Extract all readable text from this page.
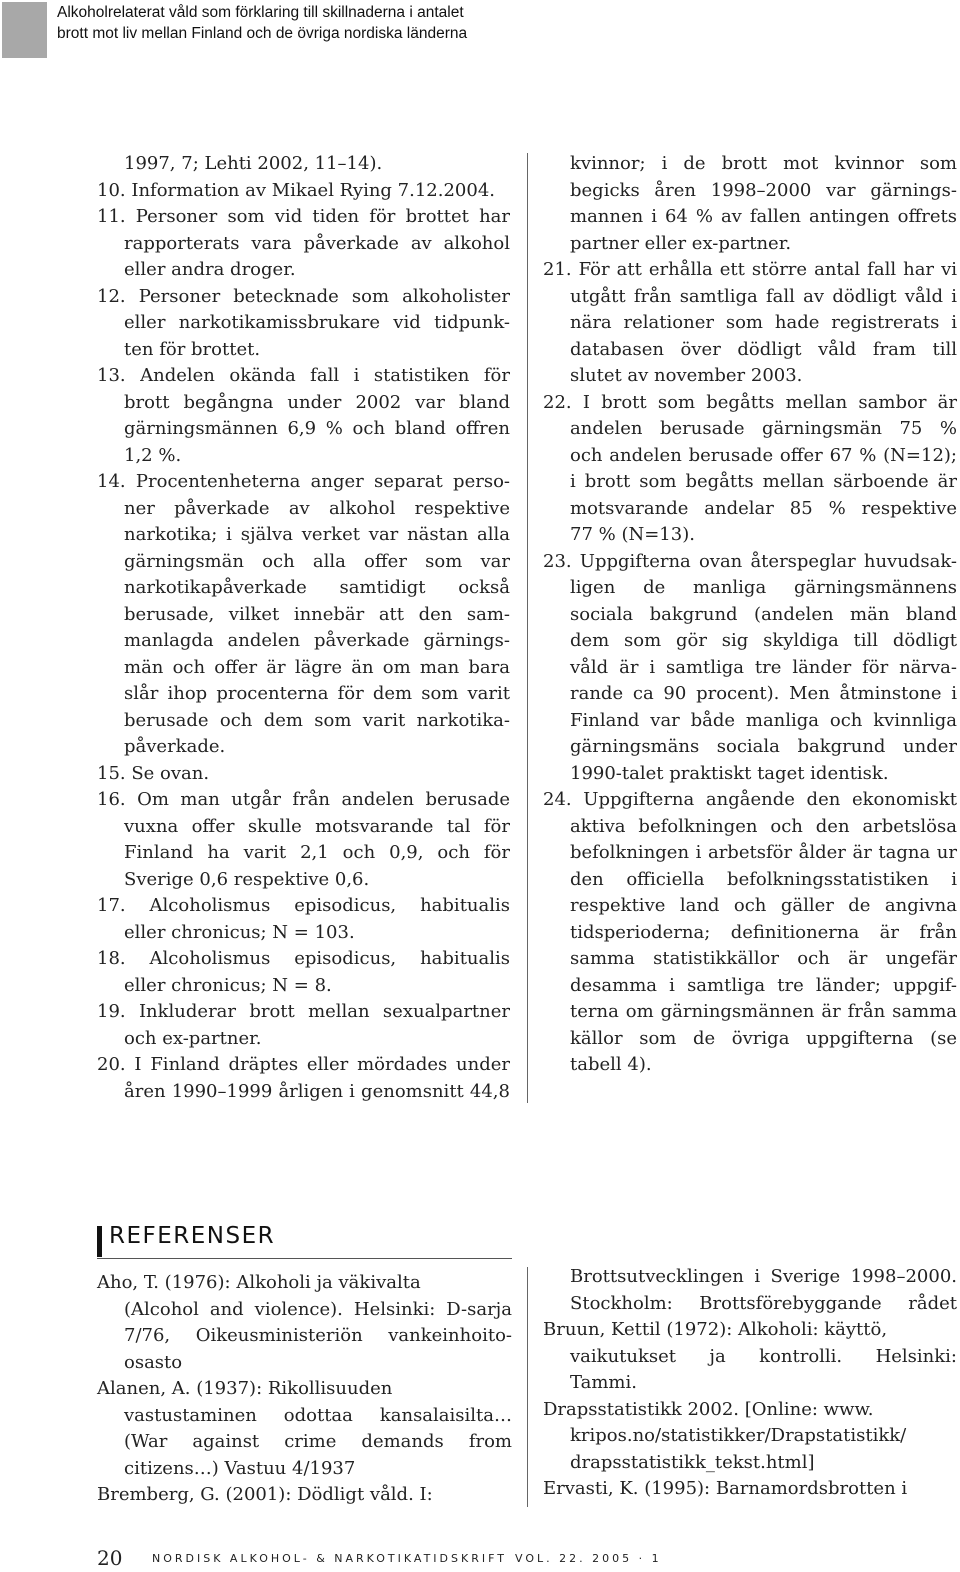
Alkoholrelaterat våld som förklaring till skillnaderna i antalet
brott mot liv mellan Finland och de övriga nordiska länderna
1997, 7; Lehti 2002, 11–14).
10. Information av Mikael Rying 7.12.2004.
11. Personer som vid tiden för brottet har
rapporterats vara påverkade av alkohol
eller andra droger.
12. Personer betecknade som alkoholister
eller narkotikamissbrukare vid tidpunk-
ten för brottet.
13. Andelen okända fall i statistiken för
brott begångna under 2002 var bland
gärningsmännen 6,9 % och bland offren
1,2 %.
14. Procentenheterna anger separat perso-
ner påverkade av alkohol respektive
narkotika; i själva verket var nästan alla
gärningsmän och alla offer som var
narkotikapåverkade samtidigt också
berusade, vilket innebär att den sam-
manlagda andelen påverkade gärnings-
män och offer är lägre än om man bara
slår ihop procenterna för dem som varit
berusade och dem som varit narkotika-
påverkade.
15. Se ovan.
16. Om man utgår från andelen berusade
vuxna offer skulle motsvarande tal för
Finland ha varit 2,1 och 0,9, och för
Sverige 0,6 respektive 0,6.
17. Alcoholismus episodicus, habitualis
eller chronicus; N = 103.
18. Alcoholismus episodicus, habitualis
eller chronicus; N = 8.
19. Inkluderar brott mellan sexualpartner
och ex-partner.
20. I Finland dräptes eller mördades under
åren 1990–1999 årligen i genomsnitt 44,8
kvinnor; i de brott mot kvinnor som
begicks åren 1998–2000 var gärnings-
mannen i 64 % av fallen antingen offrets
partner eller ex-partner.
21. För att erhålla ett större antal fall har vi
utgått från samtliga fall av dödligt våld i
nära relationer som hade registrerats i
databasen över dödligt våld fram till
slutet av november 2003.
22. I brott som begåtts mellan sambor är
andelen berusade gärningsmän 75 %
och andelen berusade offer 67 % (N=12);
i brott som begåtts mellan särboende är
motsvarande andelar 85 % respektive
77 % (N=13).
23. Uppgifterna ovan återspeglar huvudsak-
ligen de manliga gärningsmännens
sociala bakgrund (andelen män bland
dem som gör sig skyldiga till dödligt
våld är i samtliga tre länder för närva-
rande ca 90 procent). Men åtminstone i
Finland var både manliga och kvinnliga
gärningsmäns sociala bakgrund under
1990-talet praktiskt taget identisk.
24. Uppgifterna angående den ekonomiskt
aktiva befolkningen och den arbetslösa
befolkningen i arbetsför ålder är tagna ur
den officiella befolkningsstatistiken i
respektive land och gäller de angivna
tidsperioderna; definitionerna är från
samma statistikkällor och är ungefär
desamma i samtliga tre länder; uppgif-
terna om gärningsmännen är från samma
källor som de övriga uppgifterna (se
tabell 4).
REFERENSER
Aho, T. (1976): Alkoholi ja väkivalta
(Alcohol and violence). Helsinki: D-sarja
7/76, Oikeusministeriön vankeinhoito-
osasto
Alanen, A. (1937): Rikollisuuden
vastustaminen odottaa kansalaisilta…
(War against crime demands from
citizens…) Vastuu 4/1937
Bremberg, G. (2001): Dödligt våld. I:
Brottsutvecklingen i Sverige 1998–2000.
Stockholm: Brottsförebyggande rådet
Bruun, Kettil (1972): Alkoholi: käyttö,
vaikutukset ja kontrolli. Helsinki:
Tammi.
Drapsstatistikk 2002. [Online: www.
kripos.no/statistikker/Drapstatistikk/
drapsstatistikk_tekst.html]
Ervasti, K. (1995): Barnamordsbrotten i
20	NORDISK ALKOHOL- & NARKOTIKATIDSKRIFT VOL. 22. 2005 · 1
